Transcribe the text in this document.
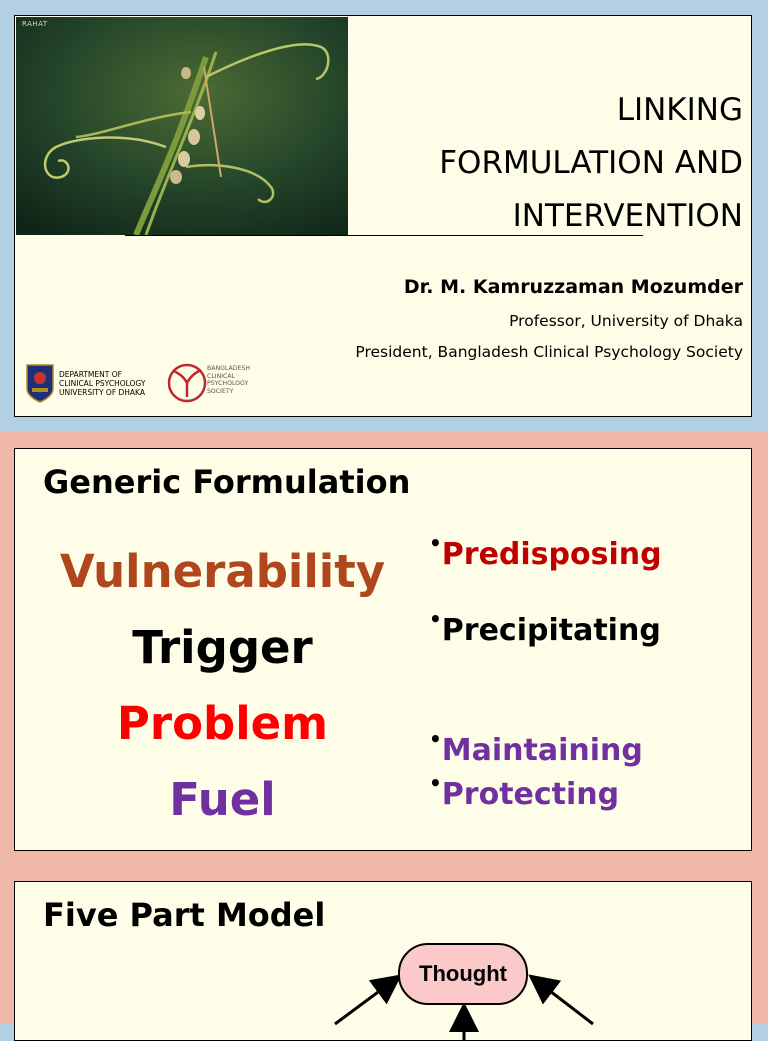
RAHAT
LINKING
FORMULATION AND
INTERVENTION
Dr. M. Kamruzzaman Mozumder
Professor, University of Dhaka
President, Bangladesh Clinical Psychology Society
DEPARTMENT OF
CLINICAL PSYCHOLOGY
UNIVERSITY OF DHAKA
BANGLADESH
CLINICAL
PSYCHOLOGY
SOCIETY
Generic Formulation
Vulnerability
Trigger
Problem
Fuel
•Predisposing
•Precipitating
•Maintaining
•Protecting
Five Part Model
Thought
